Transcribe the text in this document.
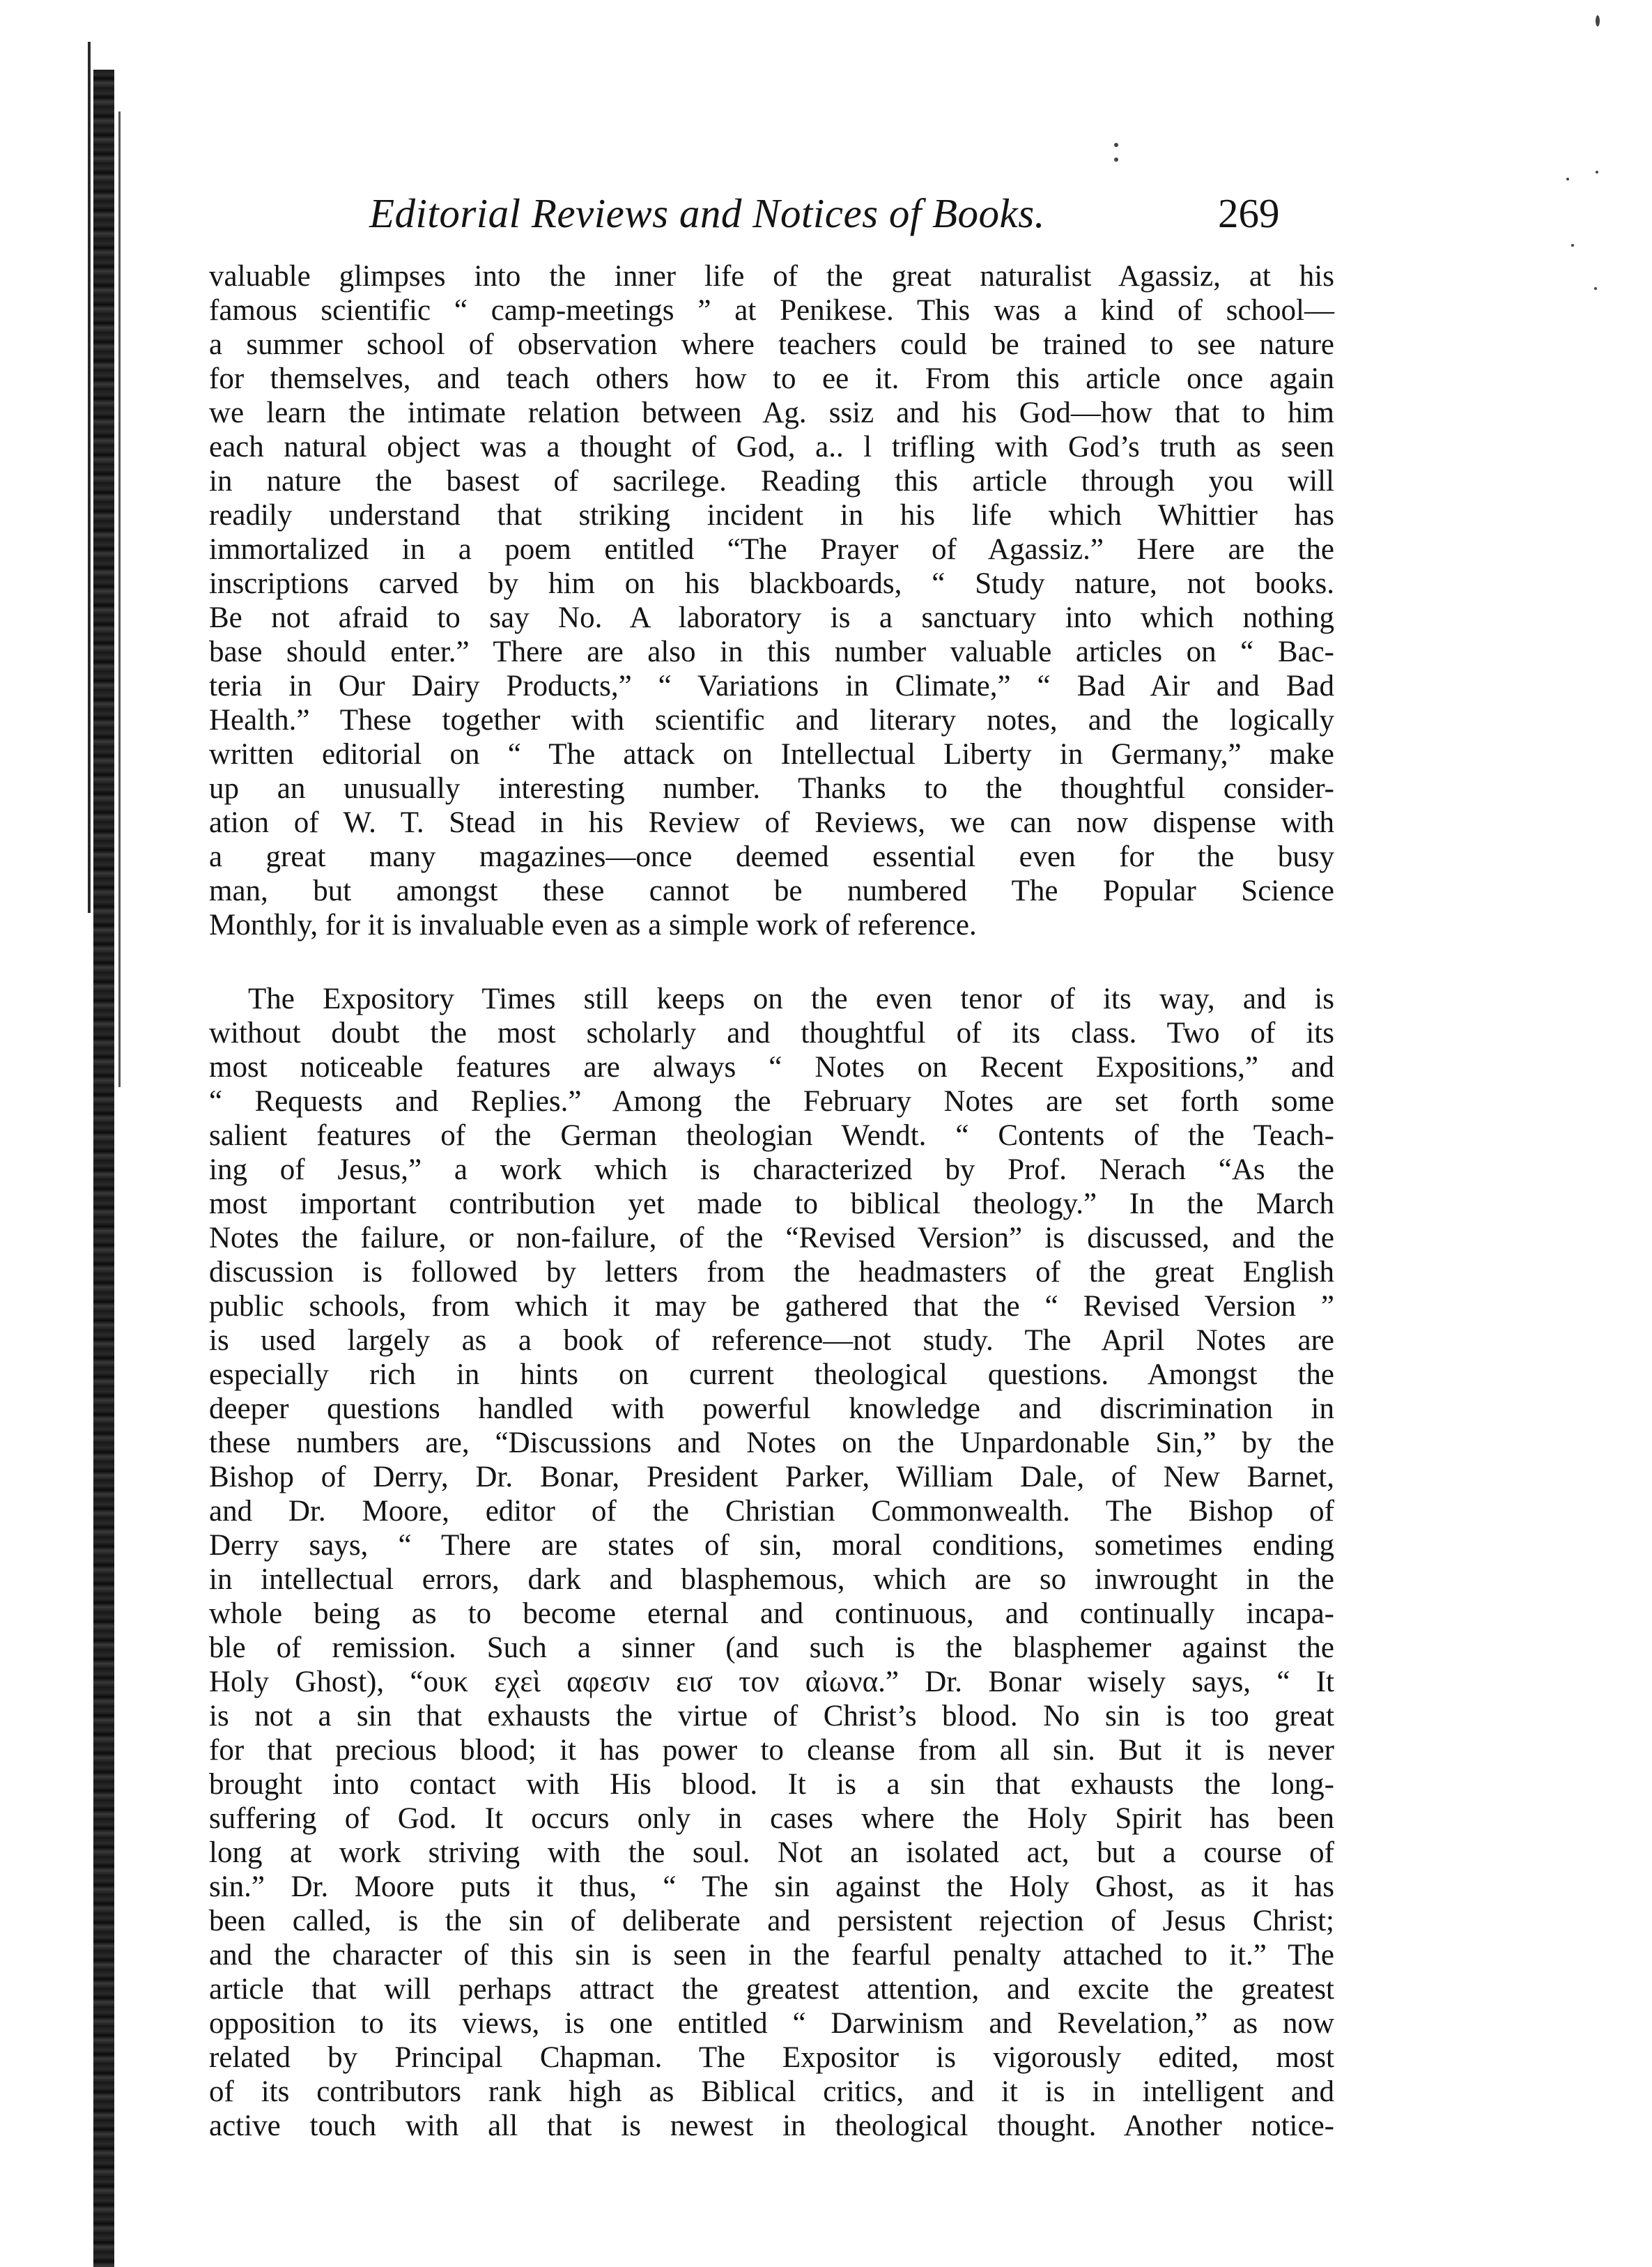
Editorial Reviews and Notices of Books.	269
valuable glimpses into the inner life of the great naturalist Agassiz, at his
famous scientific “ camp-meetings ” at Penikese. This was a kind of school—
a summer school of observation where teachers could be trained to see nature
for themselves, and teach others how to ee it. From this article once again
we learn the intimate relation between Ag. ssiz and his God—how that to him
each natural object was a thought of God, a.. l trifling with God’s truth as seen
in nature the basest of sacrilege. Reading this article through you will
readily understand that striking incident in his life which Whittier has
immortalized in a poem entitled “The Prayer of Agassiz.” Here are the
inscriptions carved by him on his blackboards, “ Study nature, not books.
Be not afraid to say No. A laboratory is a sanctuary into which nothing
base should enter.” There are also in this number valuable articles on “ Bac-
teria in Our Dairy Products,” “ Variations in Climate,” “ Bad Air and Bad
Health.” These together with scientific and literary notes, and the logically
written editorial on “ The attack on Intellectual Liberty in Germany,” make
up an unusually interesting number. Thanks to the thoughtful consider-
ation of W. T. Stead in his Review of Reviews, we can now dispense with
a great many magazines—once deemed essential even for the busy
man, but amongst these cannot be numbered The Popular Science
Monthly, for it is invaluable even as a simple work of reference.
The Expository Times still keeps on the even tenor of its way, and is
without doubt the most scholarly and thoughtful of its class. Two of its
most noticeable features are always “ Notes on Recent Expositions,” and
“ Requests and Replies.” Among the February Notes are set forth some
salient features of the German theologian Wendt. “ Contents of the Teach-
ing of Jesus,” a work which is characterized by Prof. Nerach “As the
most important contribution yet made to biblical theology.” In the March
Notes the failure, or non-failure, of the “Revised Version” is discussed, and the
discussion is followed by letters from the headmasters of the great English
public schools, from which it may be gathered that the “ Revised Version ”
is used largely as a book of reference—not study. The April Notes are
especially rich in hints on current theological questions. Amongst the
deeper questions handled with powerful knowledge and discrimination in
these numbers are, “Discussions and Notes on the Unpardonable Sin,” by the
Bishop of Derry, Dr. Bonar, President Parker, William Dale, of New Barnet,
and Dr. Moore, editor of the Christian Commonwealth. The Bishop of
Derry says, “ There are states of sin, moral conditions, sometimes ending
in intellectual errors, dark and blasphemous, which are so inwrought in the
whole being as to become eternal and continuous, and continually incapa-
ble of remission. Such a sinner (and such is the blasphemer against the
Holy Ghost), “ουκ εχεὶ αφεσιν εισ τον αἰωνα.” Dr. Bonar wisely says, “ It
is not a sin that exhausts the virtue of Christ’s blood. No sin is too great
for that precious blood; it has power to cleanse from all sin. But it is never
brought into contact with His blood. It is a sin that exhausts the long-
suffering of God. It occurs only in cases where the Holy Spirit has been
long at work striving with the soul. Not an isolated act, but a course of
sin.” Dr. Moore puts it thus, “ The sin against the Holy Ghost, as it has
been called, is the sin of deliberate and persistent rejection of Jesus Christ;
and the character of this sin is seen in the fearful penalty attached to it.” The
article that will perhaps attract the greatest attention, and excite the greatest
opposition to its views, is one entitled “ Darwinism and Revelation,” as now
related by Principal Chapman. The Expositor is vigorously edited, most
of its contributors rank high as Biblical critics, and it is in intelligent and
active touch with all that is newest in theological thought. Another notice-
